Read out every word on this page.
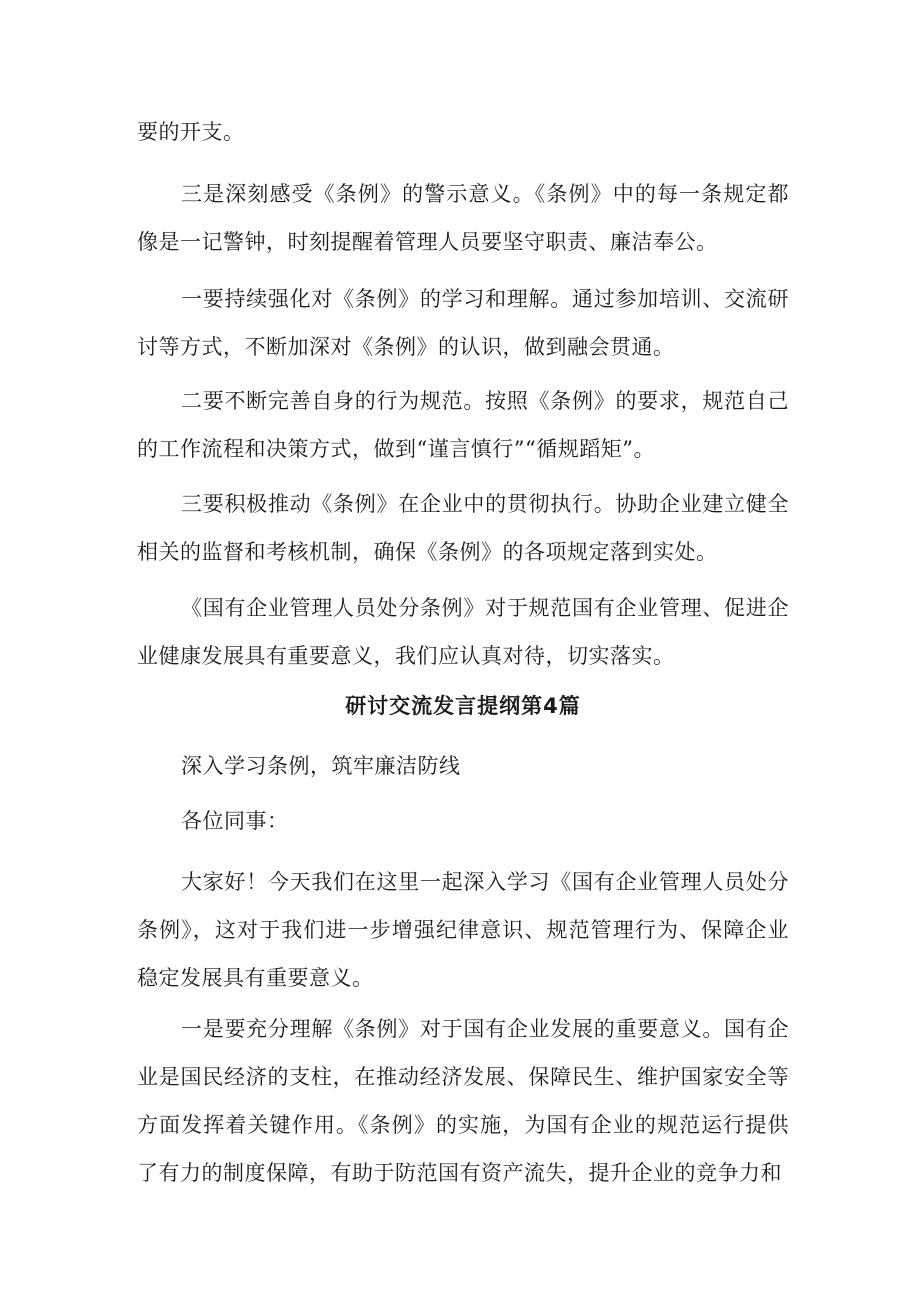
要的开支。

三是深刻感受《条例》的警示意义。《条例》中的每一条规定都像是一记警钟，时刻提醒着管理人员要坚守职责、廉洁奉公。

一要持续强化对《条例》的学习和理解。通过参加培训、交流研讨等方式，不断加深对《条例》的认识，做到融会贯通。

二要不断完善自身的行为规范。按照《条例》的要求，规范自己的工作流程和决策方式，做到“谨言慎行”“循规蹈矩”。

三要积极推动《条例》在企业中的贯彻执行。协助企业建立健全相关的监督和考核机制，确保《条例》的各项规定落到实处。

《国有企业管理人员处分条例》对于规范国有企业管理、促进企业健康发展具有重要意义，我们应认真对待，切实落实。

研讨交流发言提纲第4篇

深入学习条例，筑牢廉洁防线

各位同事：

大家好！今天我们在这里一起深入学习《国有企业管理人员处分条例》，这对于我们进一步增强纪律意识、规范管理行为、保障企业稳定发展具有重要意义。

一是要充分理解《条例》对于国有企业发展的重要意义。国有企业是国民经济的支柱，在推动经济发展、保障民生、维护国家安全等方面发挥着关键作用。《条例》的实施，为国有企业的规范运行提供了有力的制度保障，有助于防范国有资产流失，提升企业的竞争力和
